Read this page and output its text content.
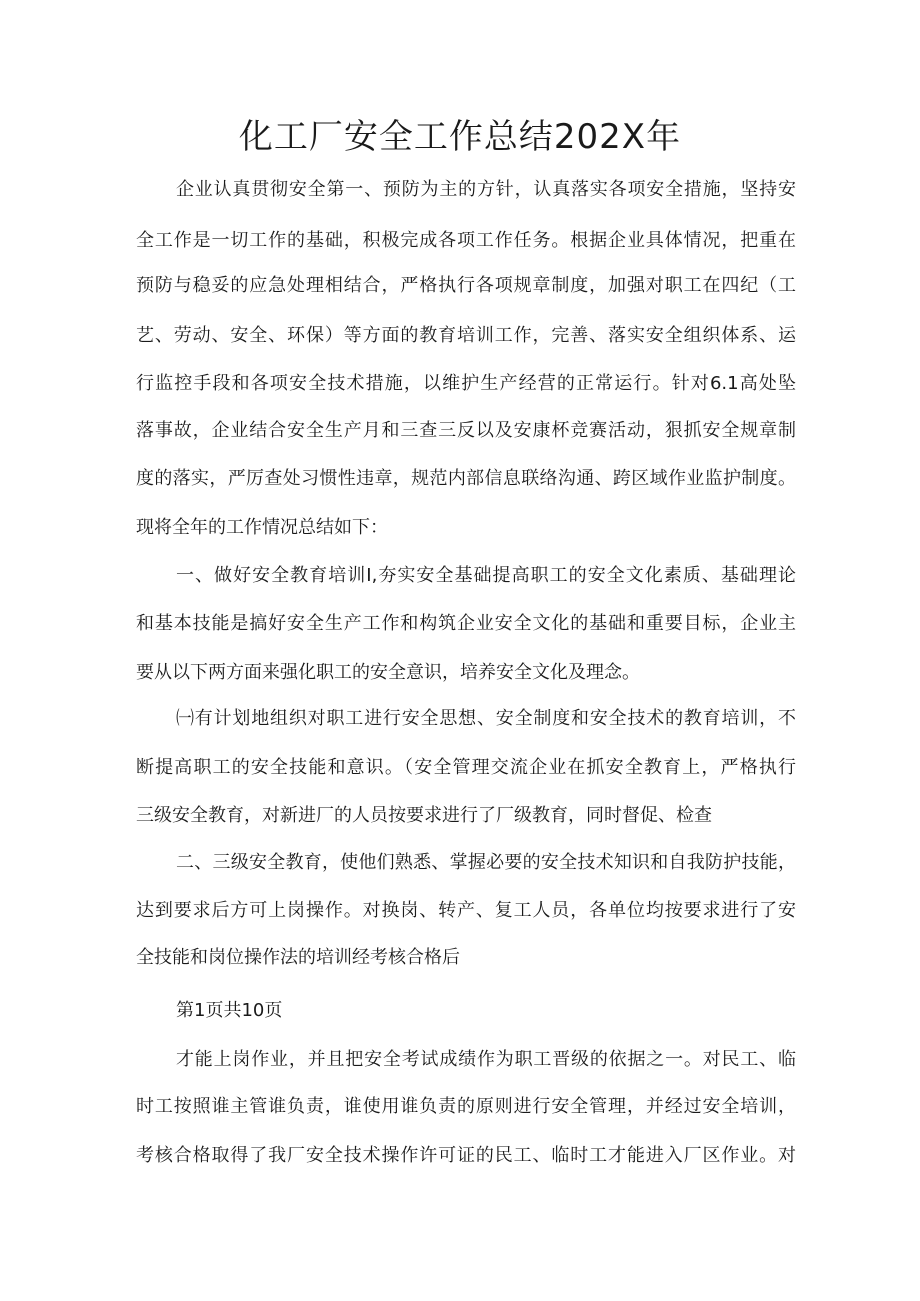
化工厂安全工作总结202X年

企业认真贯彻安全第一、预防为主的方针，认真落实各项安全措施，坚持安

全工作是一切工作的基础，积极完成各项工作任务。根据企业具体情况，把重在

预防与稳妥的应急处理相结合，严格执行各项规章制度，加强对职工在四纪（工

艺、劳动、安全、环保）等方面的教育培训工作，完善、落实安全组织体系、运

行监控手段和各项安全技术措施，以维护生产经营的正常运行。针对6.1高处坠

落事故，企业结合安全生产月和三查三反以及安康杯竞赛活动，狠抓安全规章制

度的落实，严厉查处习惯性违章，规范内部信息联络沟通、跨区域作业监护制度。

现将全年的工作情况总结如下：

一、做好安全教育培训I,夯实安全基础提高职工的安全文化素质、基础理论

和基本技能是搞好安全生产工作和构筑企业安全文化的基础和重要目标，企业主

要从以下两方面来强化职工的安全意识，培养安全文化及理念。

㈠有计划地组织对职工进行安全思想、安全制度和安全技术的教育培训，不

断提高职工的安全技能和意识。（安全管理交流企业在抓安全教育上，严格执行

三级安全教育，对新进厂的人员按要求进行了厂级教育，同时督促、检查

二、三级安全教育，使他们熟悉、掌握必要的安全技术知识和自我防护技能，

达到要求后方可上岗操作。对换岗、转产、复工人员，各单位均按要求进行了安

全技能和岗位操作法的培训经考核合格后

第1页共10页

才能上岗作业，并且把安全考试成绩作为职工晋级的依据之一。对民工、临

时工按照谁主管谁负责，谁使用谁负责的原则进行安全管理，并经过安全培训，

考核合格取得了我厂安全技术操作许可证的民工、临时工才能进入厂区作业。对
